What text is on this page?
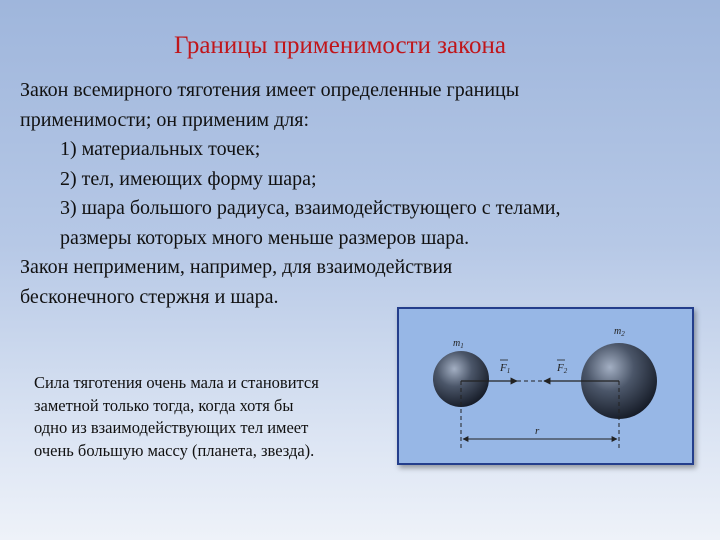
Границы применимости закона

Закон всемирного тяготения имеет определенные границы

применимости; он применим для:

1) материальных точек;

2) тел, имеющих форму шара;

3) шара большого радиуса, взаимодействующего с телами,

размеры которых много меньше размеров шара.

Закон неприменим, например, для взаимодействия

бесконечного стержня и шара.

Сила тяготения очень мала и становится

заметной только тогда, когда хотя бы

одно из взаимодействующих тел имеет

очень большую массу (планета, звезда).

$m_1$
$m_2$
F1	F2
r
